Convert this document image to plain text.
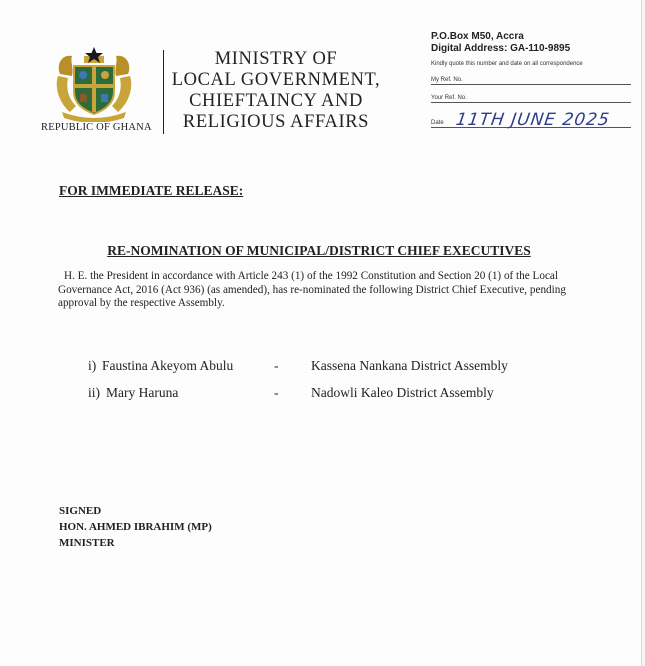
REPUBLIC OF GHANA
MINISTRY OF
LOCAL GOVERNMENT,
CHIEFTAINCY AND
RELIGIOUS AFFAIRS
P.O.Box M50, Accra
Digital Address: GA-110-9895
Kindly quote this number and date on all correspondence
My Ref. No.
Your Ref. No.
Date 11TH JUNE 2025
FOR IMMEDIATE RELEASE:
RE-NOMINATION OF MUNICIPAL/DISTRICT CHIEF EXECUTIVES
H. E. the President in accordance with Article 243 (1) of the 1992 Constitution and Section 20 (1) of the Local Governance Act, 2016 (Act 936) (as amended), has re-nominated the following District Chief Executive, pending approval by the respective Assembly.
i) Faustina Akeyom Abulu	- Kassena Nankana District Assembly
ii) Mary Haruna	- Nadowli Kaleo District Assembly
SIGNED
HON. AHMED IBRAHIM (MP)
MINISTER
